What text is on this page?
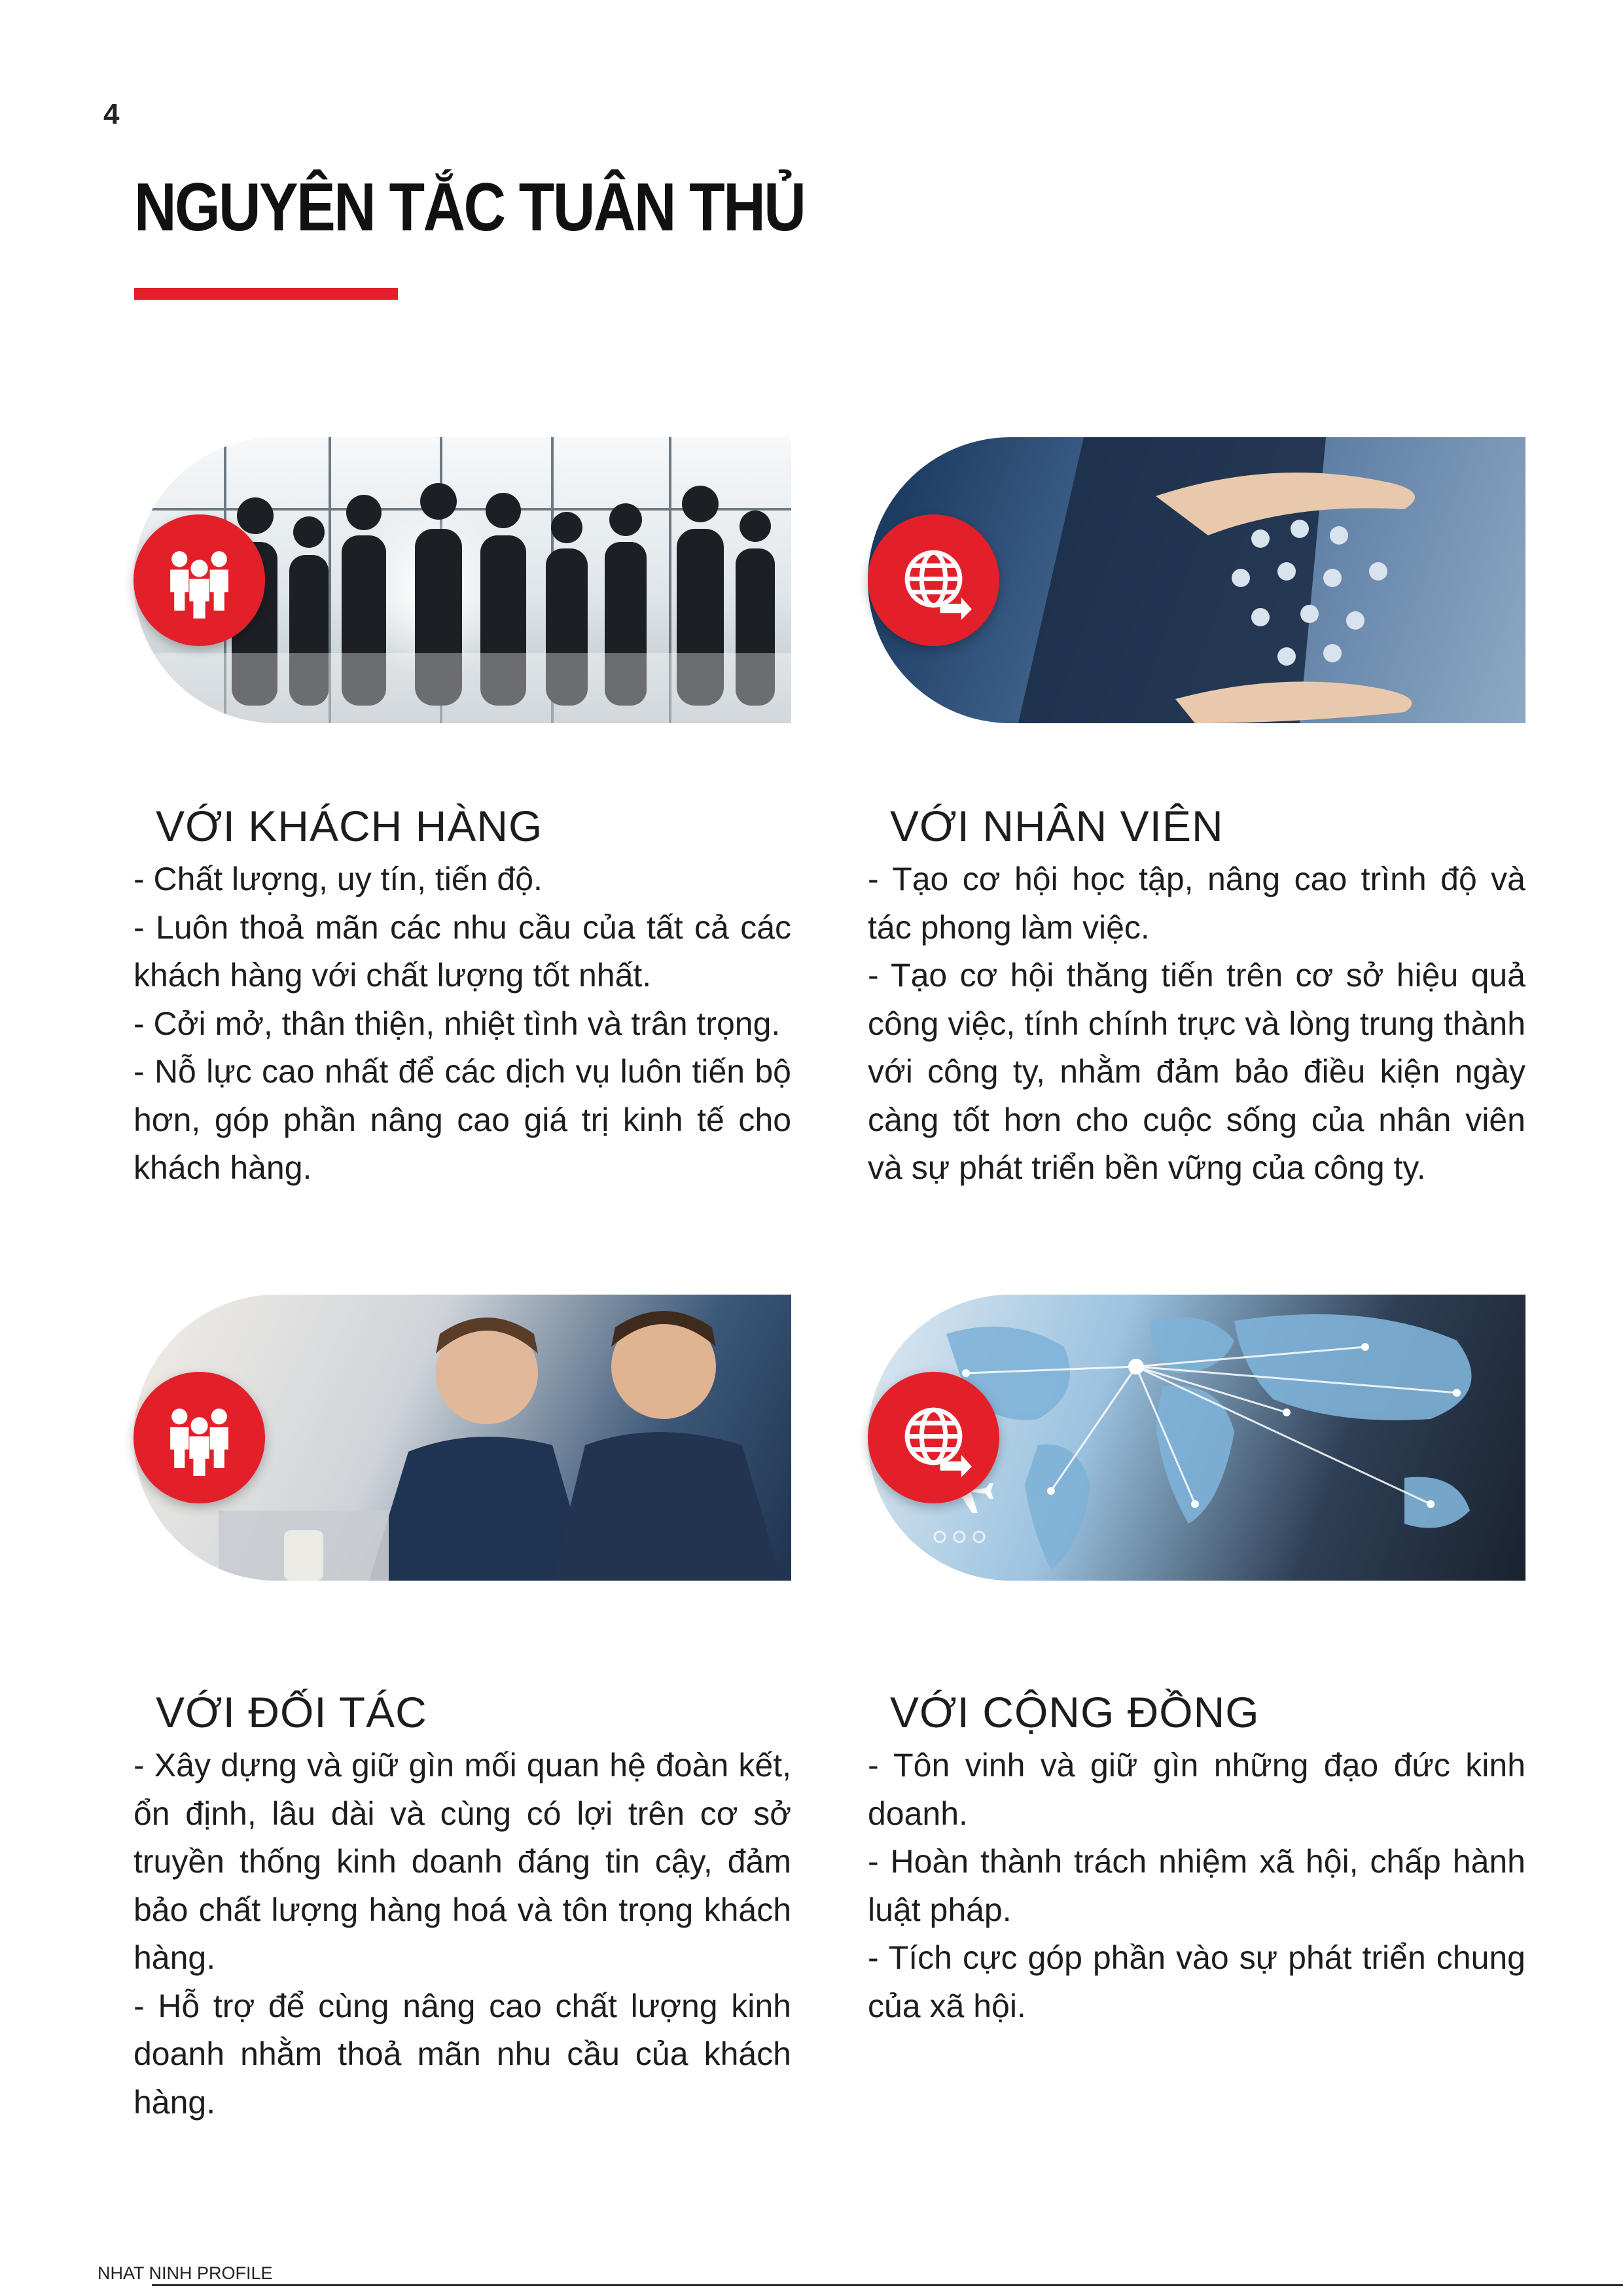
4
NGUYÊN TẮC TUÂN THỦ
VỚI KHÁCH HÀNG

- Chất lượng, uy tín, tiến độ.

- Luôn thoả mãn các nhu cầu của tất cả các khách hàng với chất lượng tốt nhất.

- Cởi mở, thân thiện, nhiệt tình và trân trọng.

- Nỗ lực cao nhất để các dịch vụ luôn tiến bộ hơn, góp phần nâng cao giá trị kinh tế cho khách hàng.

VỚI NHÂN VIÊN

- Tạo cơ hội học tập, nâng cao trình độ và tác phong làm việc.

- Tạo cơ hội thăng tiến trên cơ sở hiệu quả công việc, tính chính trực và lòng trung thành với công ty, nhằm đảm bảo điều kiện ngày càng tốt hơn cho cuộc sống của nhân viên và sự phát triển bền vững của công ty.

VỚI ĐỐI TÁC

- Xây dựng và giữ gìn mối quan hệ đoàn kết, ổn định, lâu dài và cùng có lợi trên cơ sở truyền thống kinh doanh đáng tin cậy, đảm bảo chất lượng hàng hoá và tôn trọng khách hàng.

- Hỗ trợ để cùng nâng cao chất lượng kinh doanh nhằm thoả mãn nhu cầu của khách hàng.

VỚI CỘNG ĐỒNG

- Tôn vinh và giữ gìn những đạo đức kinh doanh.

- Hoàn thành trách nhiệm xã hội, chấp hành luật pháp.

- Tích cực góp phần vào sự phát triển chung của xã hội.

NHAT NINH PROFILE
